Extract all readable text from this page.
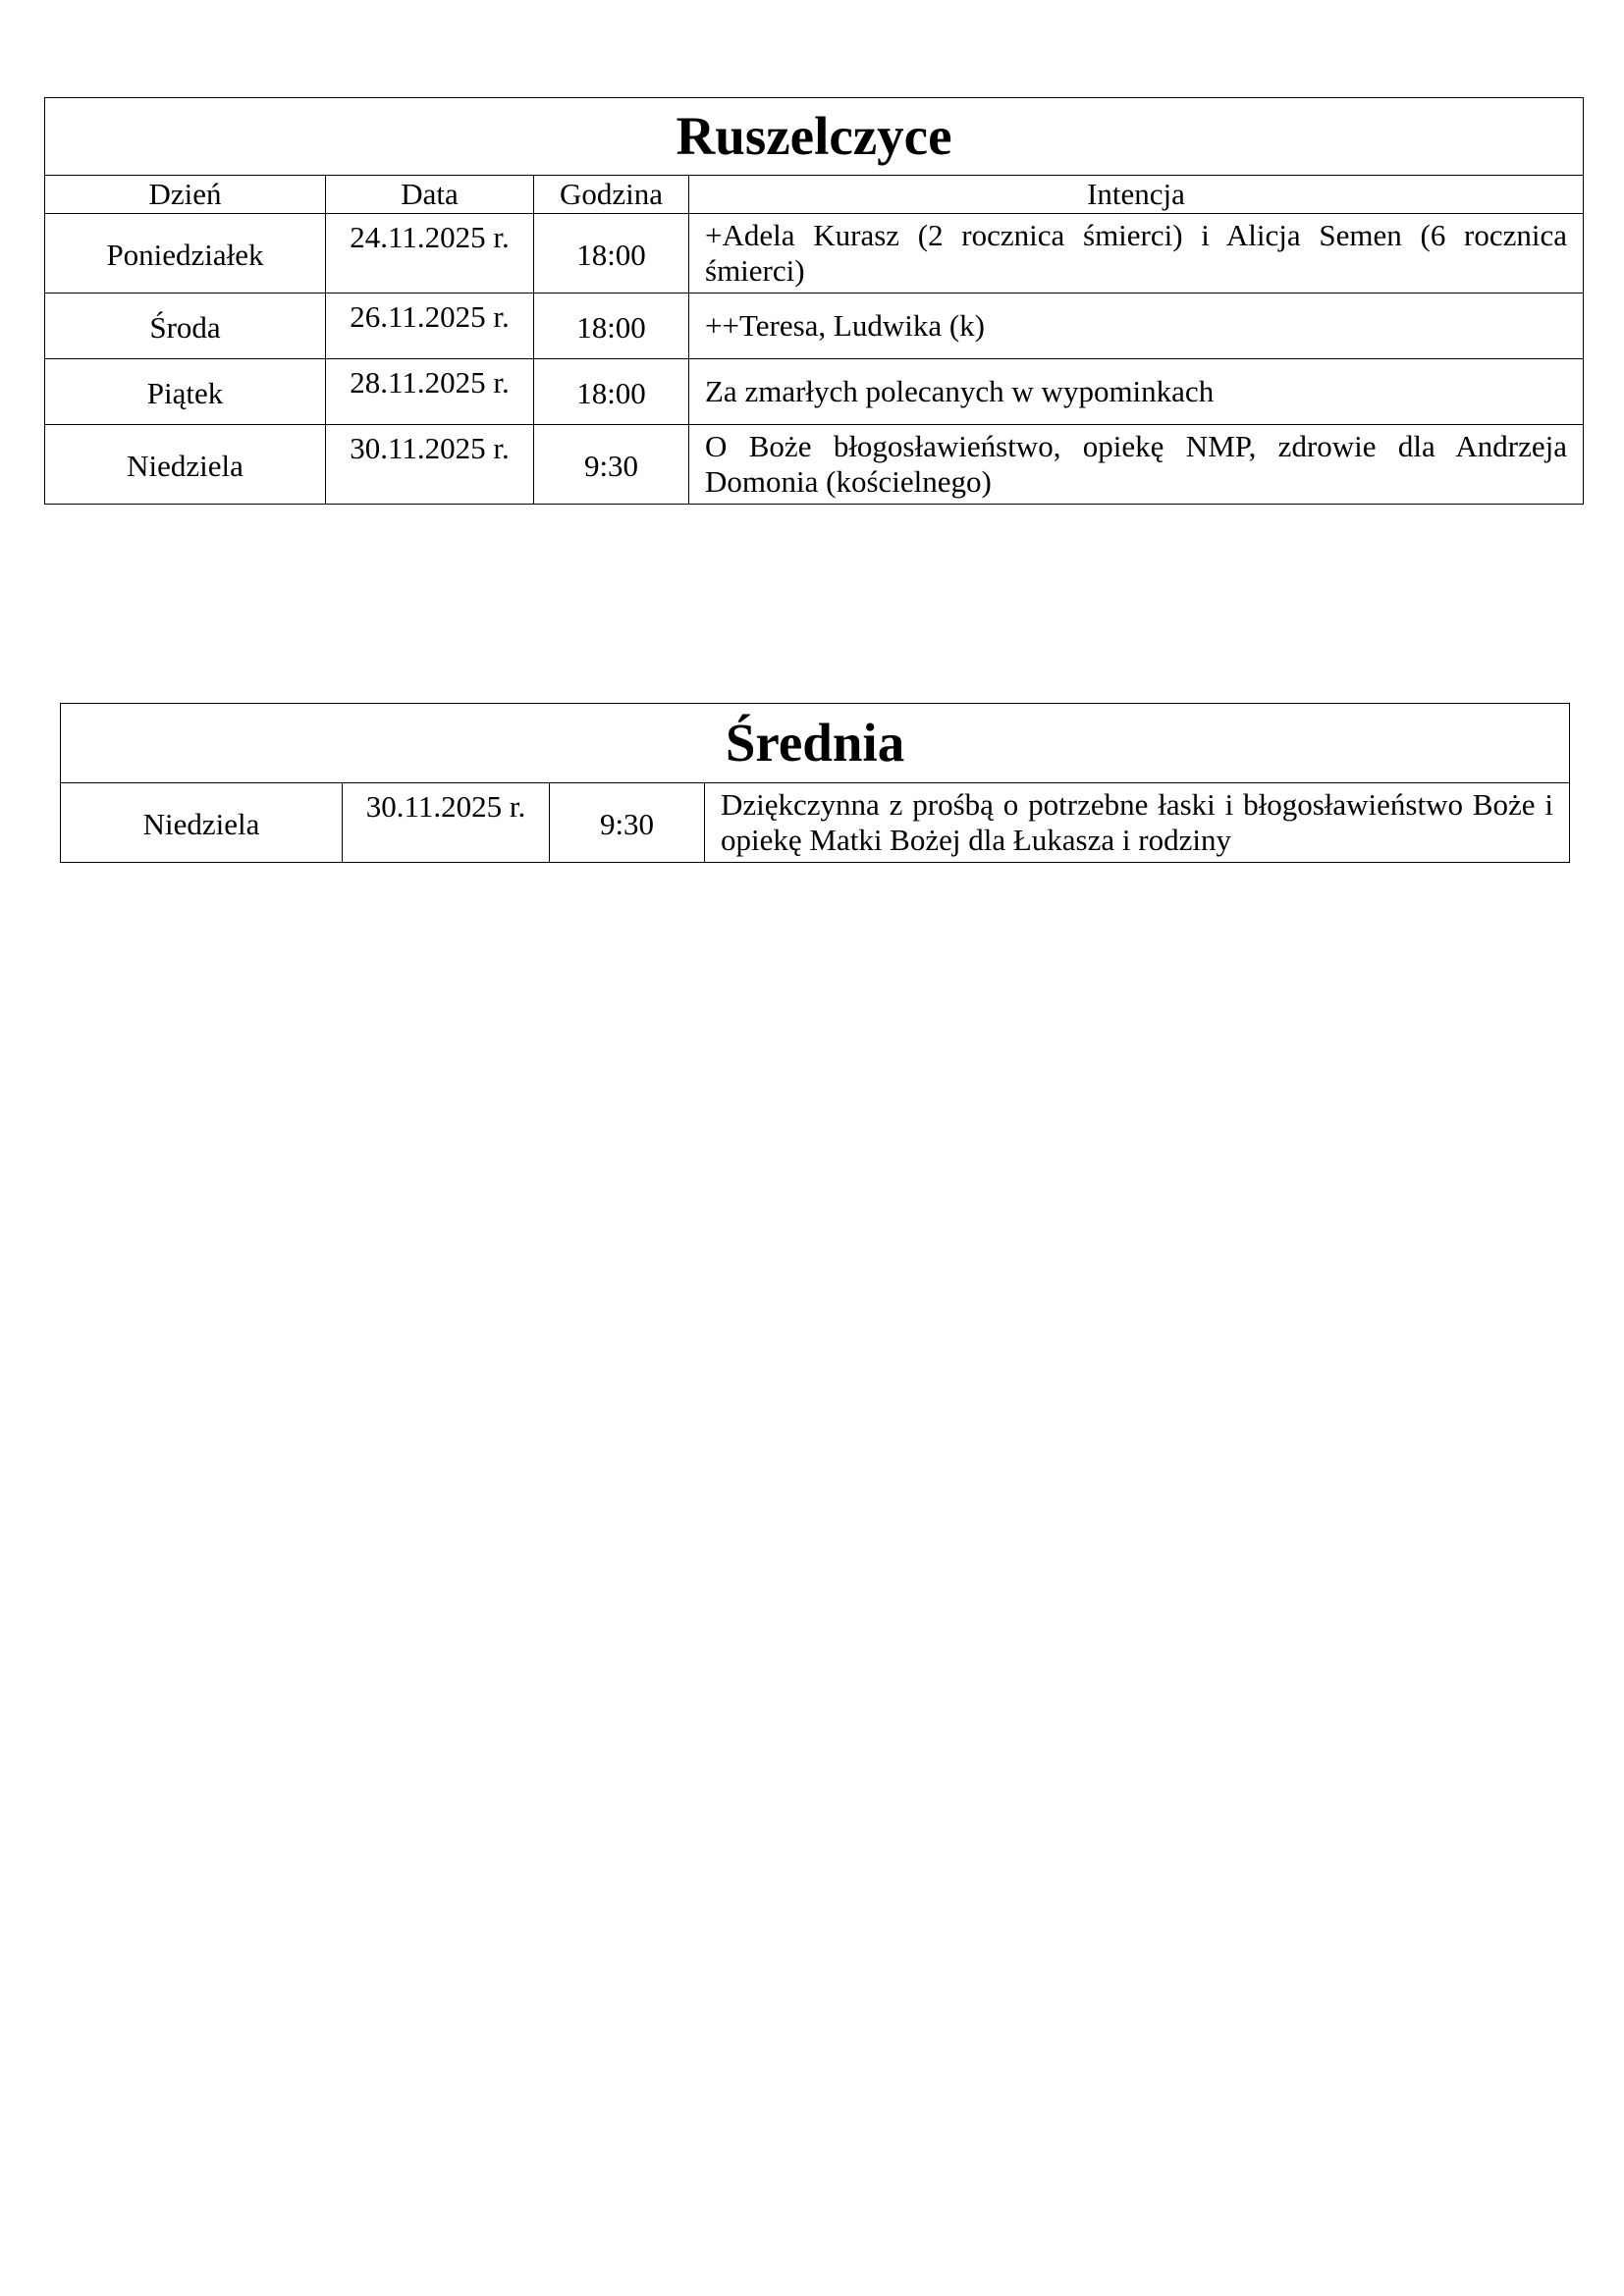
Ruszelczyce			
Dzień	Data	Godzina	Intencja
Poniedziałek	24.11.2025 r.	18:00	+Adela Kurasz (2 rocznica śmierci) i Alicja Semen (6 rocznica śmierci)
Środa	26.11.2025 r.	18:00	++Teresa, Ludwika (k)
Piątek	28.11.2025 r.	18:00	Za zmarłych polecanych w wypominkach
Niedziela	30.11.2025 r.	9:30	O Boże błogosławieństwo, opiekę NMP, zdrowie dla Andrzeja Domonia (kościelnego)
Średnia
Niedziela	30.11.2025 r.	9:30	Dziękczynna z prośbą o potrzebne łaski i błogosławieństwo Boże i opiekę Matki Bożej dla Łukasza i rodziny
